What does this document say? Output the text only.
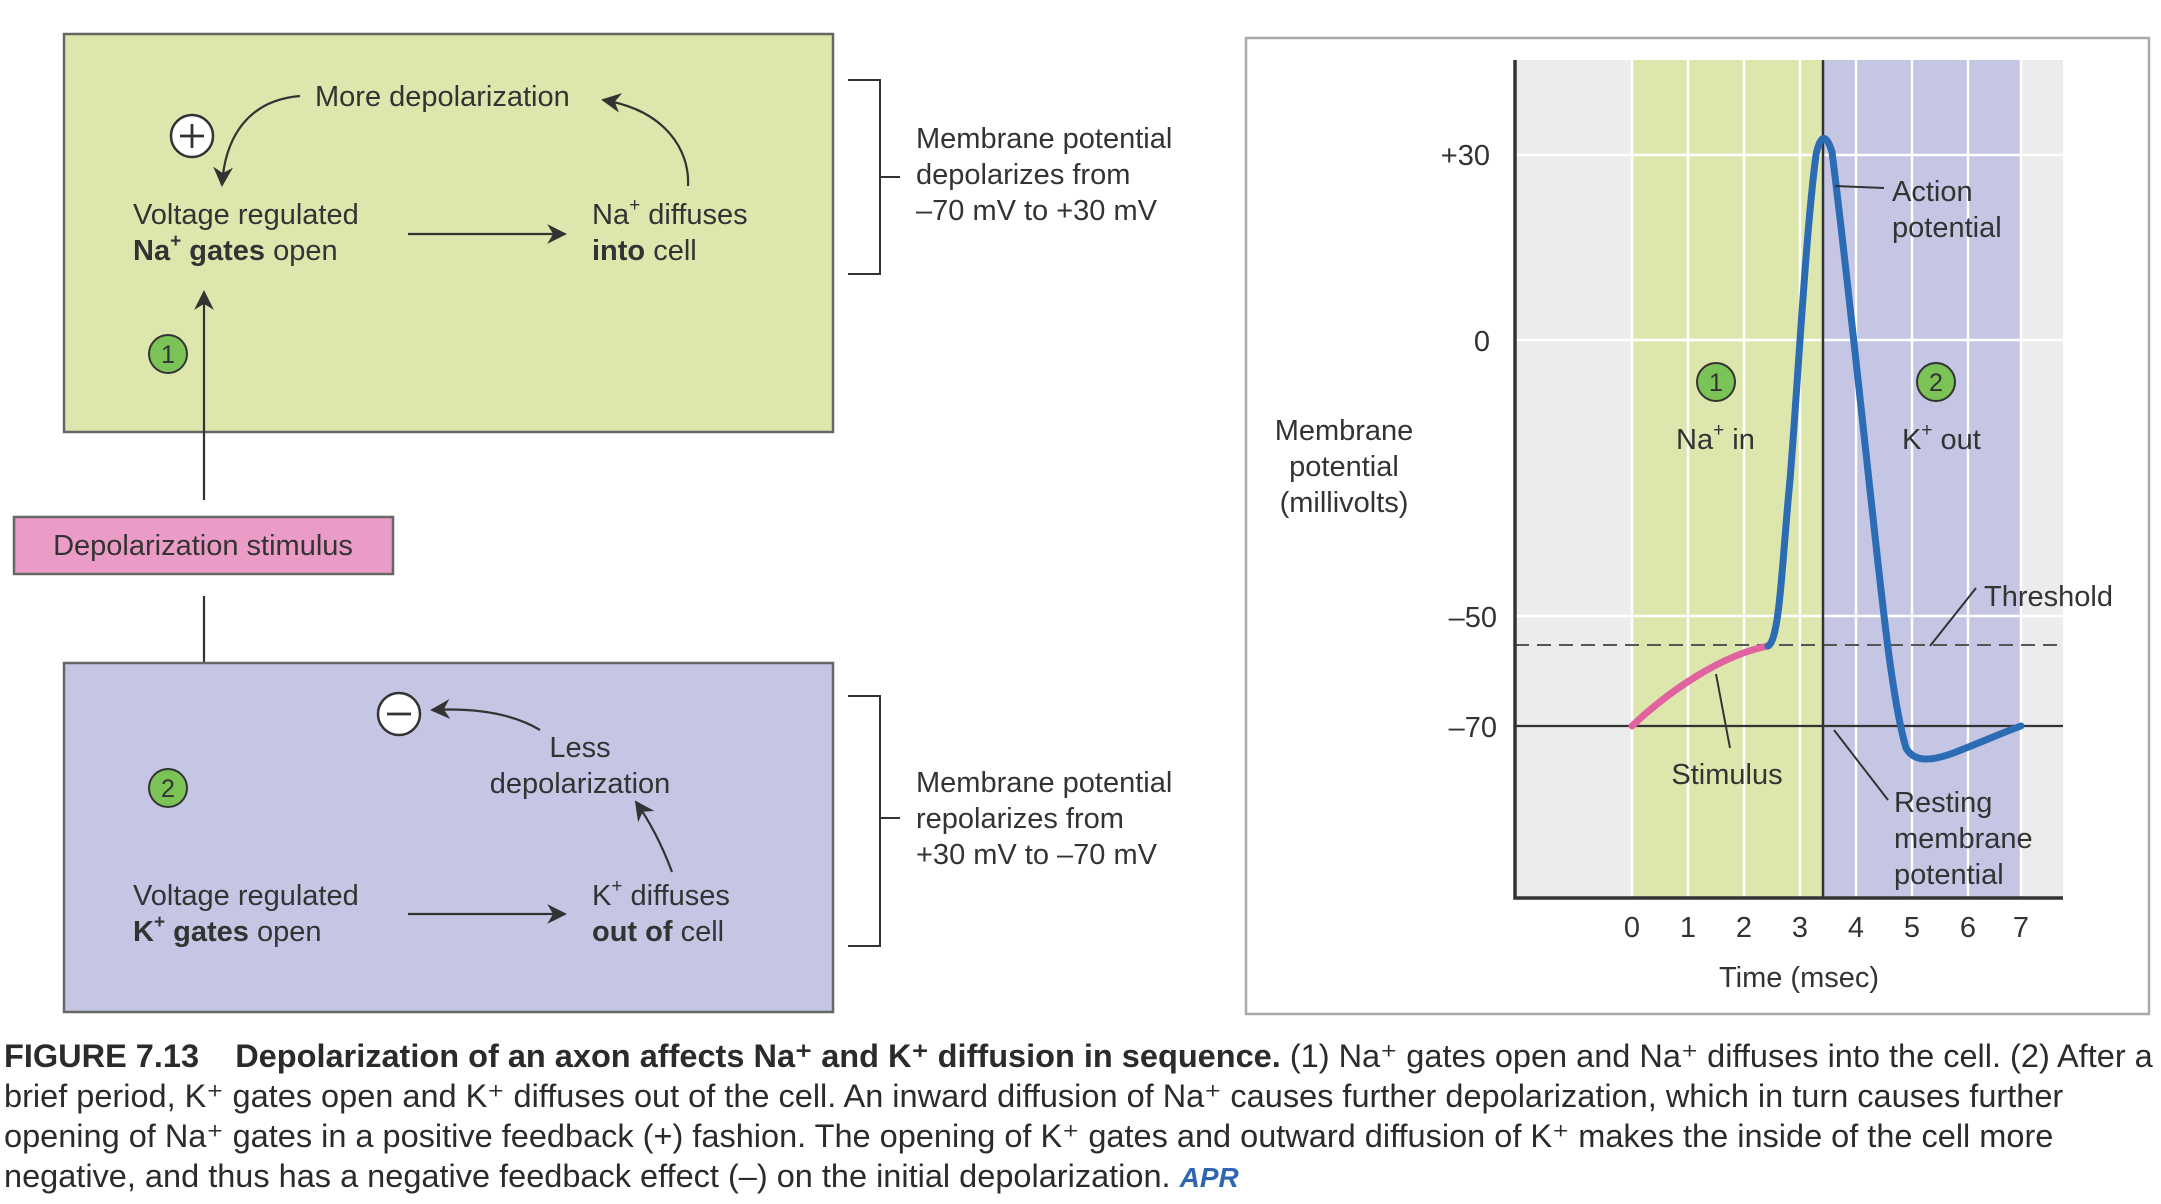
More depolarization
Voltage regulated
Na+ gates open
Na+ diffuses
into cell
1
Depolarization stimulus
Less
depolarization
2
Voltage regulated
K+ gates open
K+ diffuses
out of cell
Membrane potential
depolarizes from
–70 mV to +30 mV
Membrane potential
repolarizes from
+30 mV to –70 mV
+30
0
–50
–70
0 1 2 3 4 5 6 7
Time (msec)
Membrane
potential
(millivolts)
1
Na+ in
2
K+ out
Action
potential
Threshold
Stimulus
Resting
membrane
potential
FIGURE 7.13 Depolarization of an axon affects Na⁺ and K⁺ diffusion in sequence. (1) Na⁺ gates open and Na⁺ diffuses into the cell. (2) After a brief period, K⁺ gates open and K⁺ diffuses out of the cell. An inward diffusion of Na⁺ causes further depolarization, which in turn causes further opening of Na⁺ gates in a positive feedback (+) fashion. The opening of K⁺ gates and outward diffusion of K⁺ makes the inside of the cell more negative, and thus has a negative feedback effect (–) on the initial depolarization. APR
